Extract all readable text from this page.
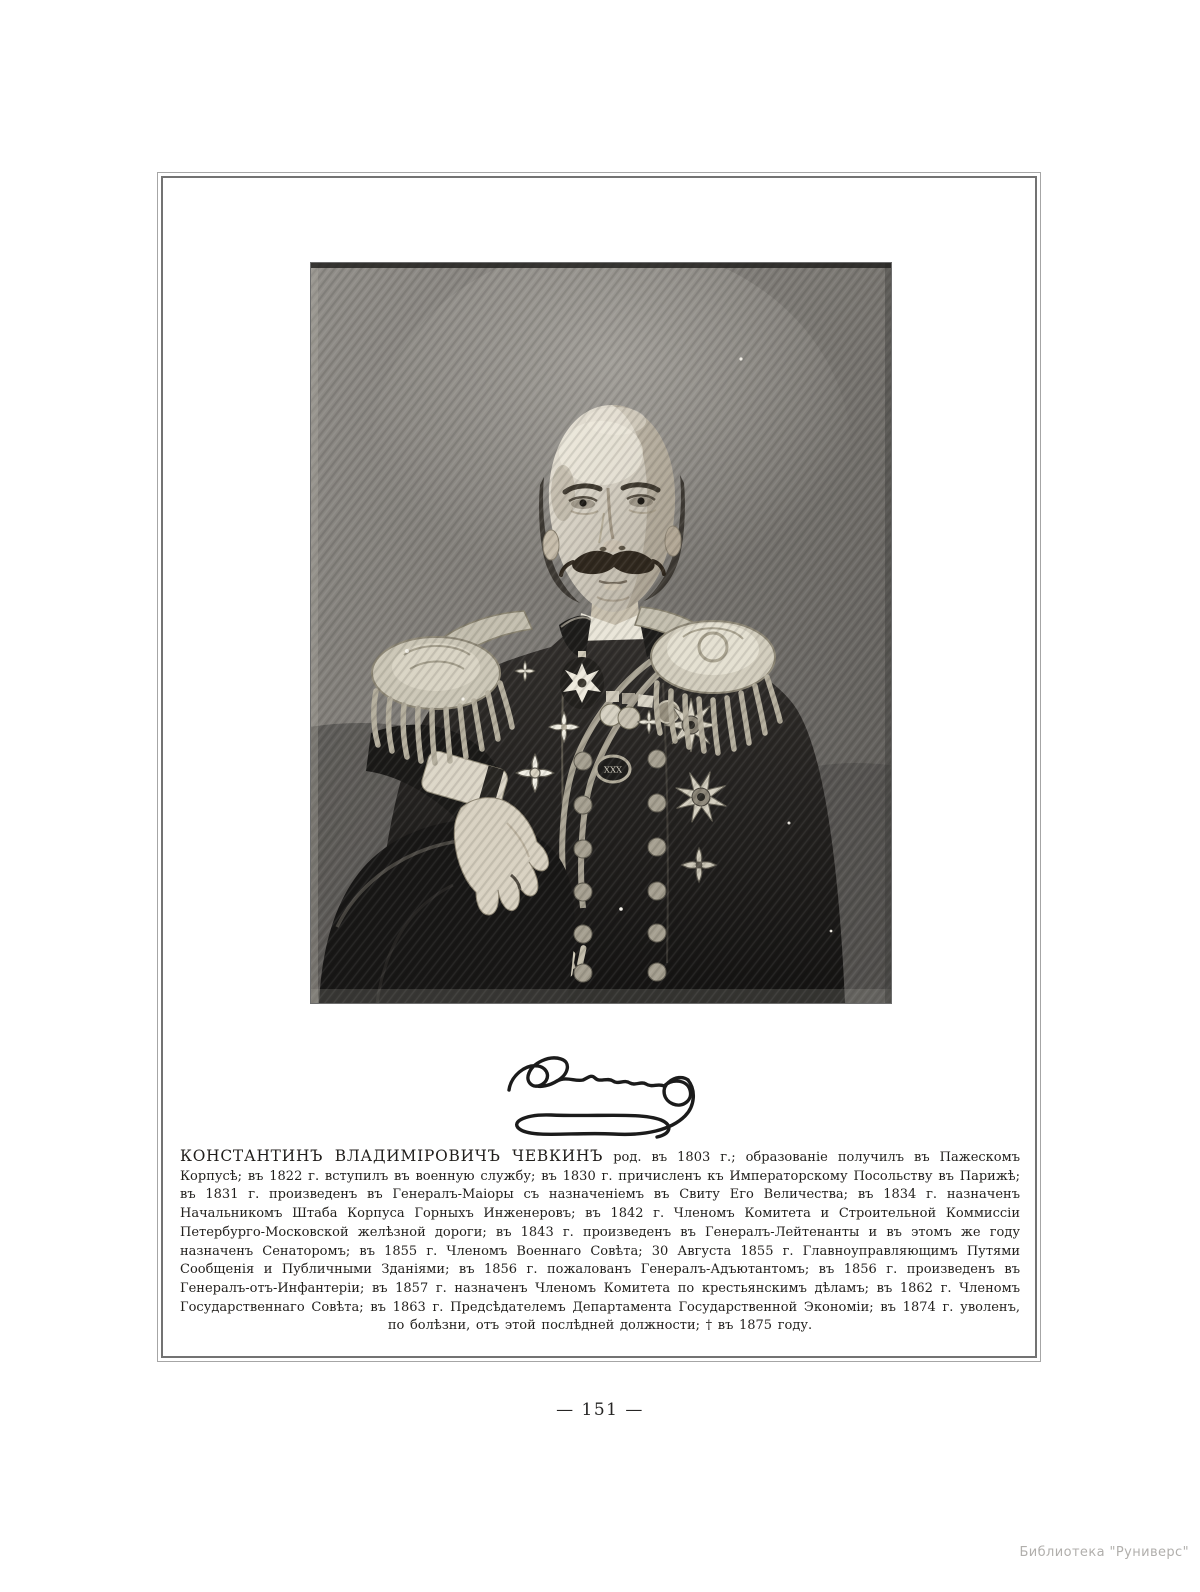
КОНСТАНТИНЪ ВЛАДИМІРОВИЧЪ ЧЕВКИНЪ род. въ 1803 г.; образованіе получилъ въ Пажескомъ Корпусѣ; въ 1822 г. вступилъ въ военную службу; въ 1830 г. причисленъ къ Императорскому Посольству въ Парижѣ; въ 1831 г. произведенъ въ Генералъ-Маіоры съ назначеніемъ въ Свиту Его Величества; въ 1834 г. назначенъ Начальникомъ Штаба Корпуса Горныхъ Инженеровъ; въ 1842 г. Членомъ Комитета и Строительной Коммиссіи Петербурго-Московской желѣзной дороги; въ 1843 г. произведенъ въ Генералъ-Лейтенанты и въ этомъ же году назначенъ Сенаторомъ; въ 1855 г. Членомъ Военнаго Совѣта; 30 Августа 1855 г. Главноуправляющимъ Путями Сообщенія и Публичными Зданіями; въ 1856 г. пожалованъ Генералъ-Адъютантомъ; въ 1856 г. произведенъ въ Генералъ-отъ-Инфантеріи; въ 1857 г. назначенъ Членомъ Комитета по крестьянскимъ дѣламъ; въ 1862 г. Членомъ Государственнаго Совѣта; въ 1863 г. Предсѣдателемъ Департамента Государственной Экономіи; въ 1874 г. уволенъ, по болѣзни, отъ этой послѣдней должности; † въ 1875 году.

— 151 —
Библиотека "Руниверс"
